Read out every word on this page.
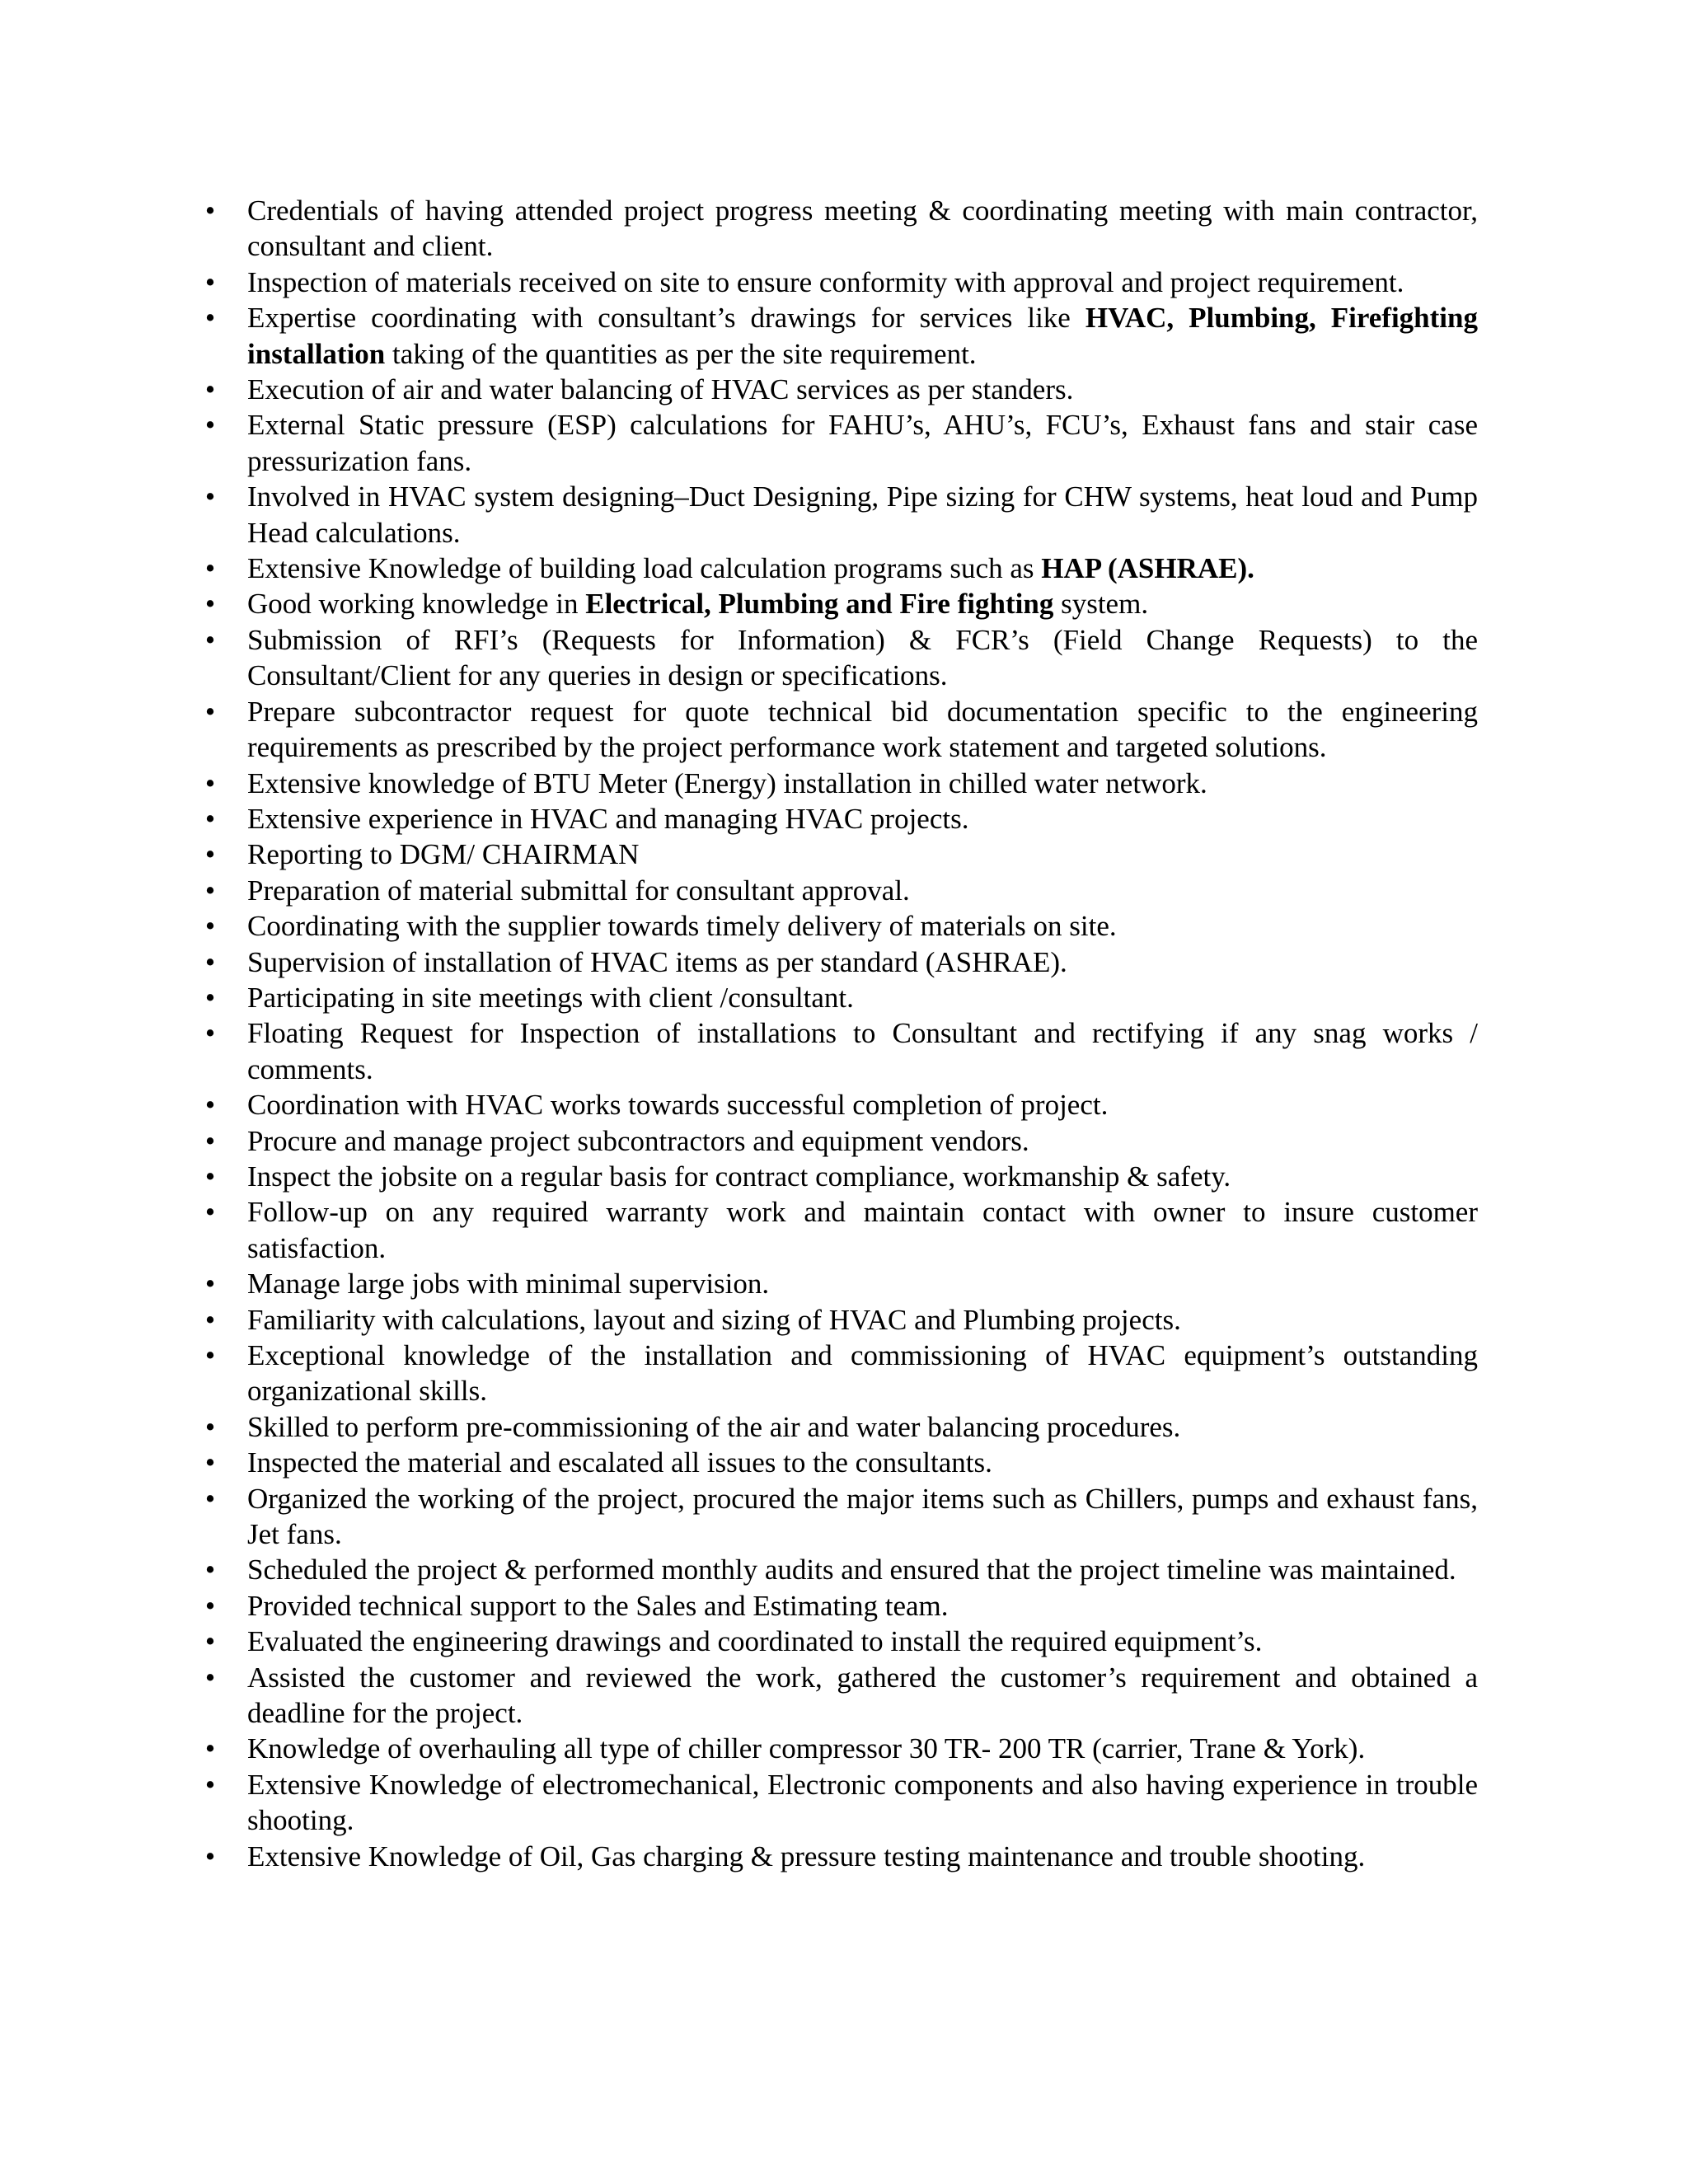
• Credentials of having attended project progress meeting & coordinating meeting with main contractor, consultant and client.
• Inspection of materials received on site to ensure conformity with approval and project requirement.
• Expertise coordinating with consultant’s drawings for services like HVAC, Plumbing, Firefighting installation taking of the quantities as per the site requirement.
• Execution of air and water balancing of HVAC services as per standers.
• External Static pressure (ESP) calculations for FAHU’s, AHU’s, FCU’s, Exhaust fans and stair case pressurization fans.
• Involved in HVAC system designing–Duct Designing, Pipe sizing for CHW systems, heat loud and Pump Head calculations.
• Extensive Knowledge of building load calculation programs such as HAP (ASHRAE).
• Good working knowledge in Electrical, Plumbing and Fire fighting system.
• Submission of RFI’s (Requests for Information) & FCR’s (Field Change Requests) to the Consultant/Client for any queries in design or specifications.
• Prepare subcontractor request for quote technical bid documentation specific to the engineering requirements as prescribed by the project performance work statement and targeted solutions.
• Extensive knowledge of BTU Meter (Energy) installation in chilled water network.
• Extensive experience in HVAC and managing HVAC projects.
• Reporting to DGM/ CHAIRMAN
• Preparation of material submittal for consultant approval.
• Coordinating with the supplier towards timely delivery of materials on site.
• Supervision of installation of HVAC items as per standard (ASHRAE).
• Participating in site meetings with client /consultant.
• Floating Request for Inspection of installations to Consultant and rectifying if any snag works / comments.
• Coordination with HVAC works towards successful completion of project.
• Procure and manage project subcontractors and equipment vendors.
• Inspect the jobsite on a regular basis for contract compliance, workmanship & safety.
• Follow-up on any required warranty work and maintain contact with owner to insure customer satisfaction.
• Manage large jobs with minimal supervision.
• Familiarity with calculations, layout and sizing of HVAC and Plumbing projects.
• Exceptional knowledge of the installation and commissioning of HVAC equipment’s outstanding organizational skills.
• Skilled to perform pre-commissioning of the air and water balancing procedures.
• Inspected the material and escalated all issues to the consultants.
• Organized the working of the project, procured the major items such as Chillers, pumps and exhaust fans, Jet fans.
• Scheduled the project & performed monthly audits and ensured that the project timeline was maintained.
• Provided technical support to the Sales and Estimating team.
• Evaluated the engineering drawings and coordinated to install the required equipment’s.
• Assisted the customer and reviewed the work, gathered the customer’s requirement and obtained a deadline for the project.
• Knowledge of overhauling all type of chiller compressor 30 TR- 200 TR (carrier, Trane & York).
• Extensive Knowledge of electromechanical, Electronic components and also having experience in trouble shooting.
• Extensive Knowledge of Oil, Gas charging & pressure testing maintenance and trouble shooting.
